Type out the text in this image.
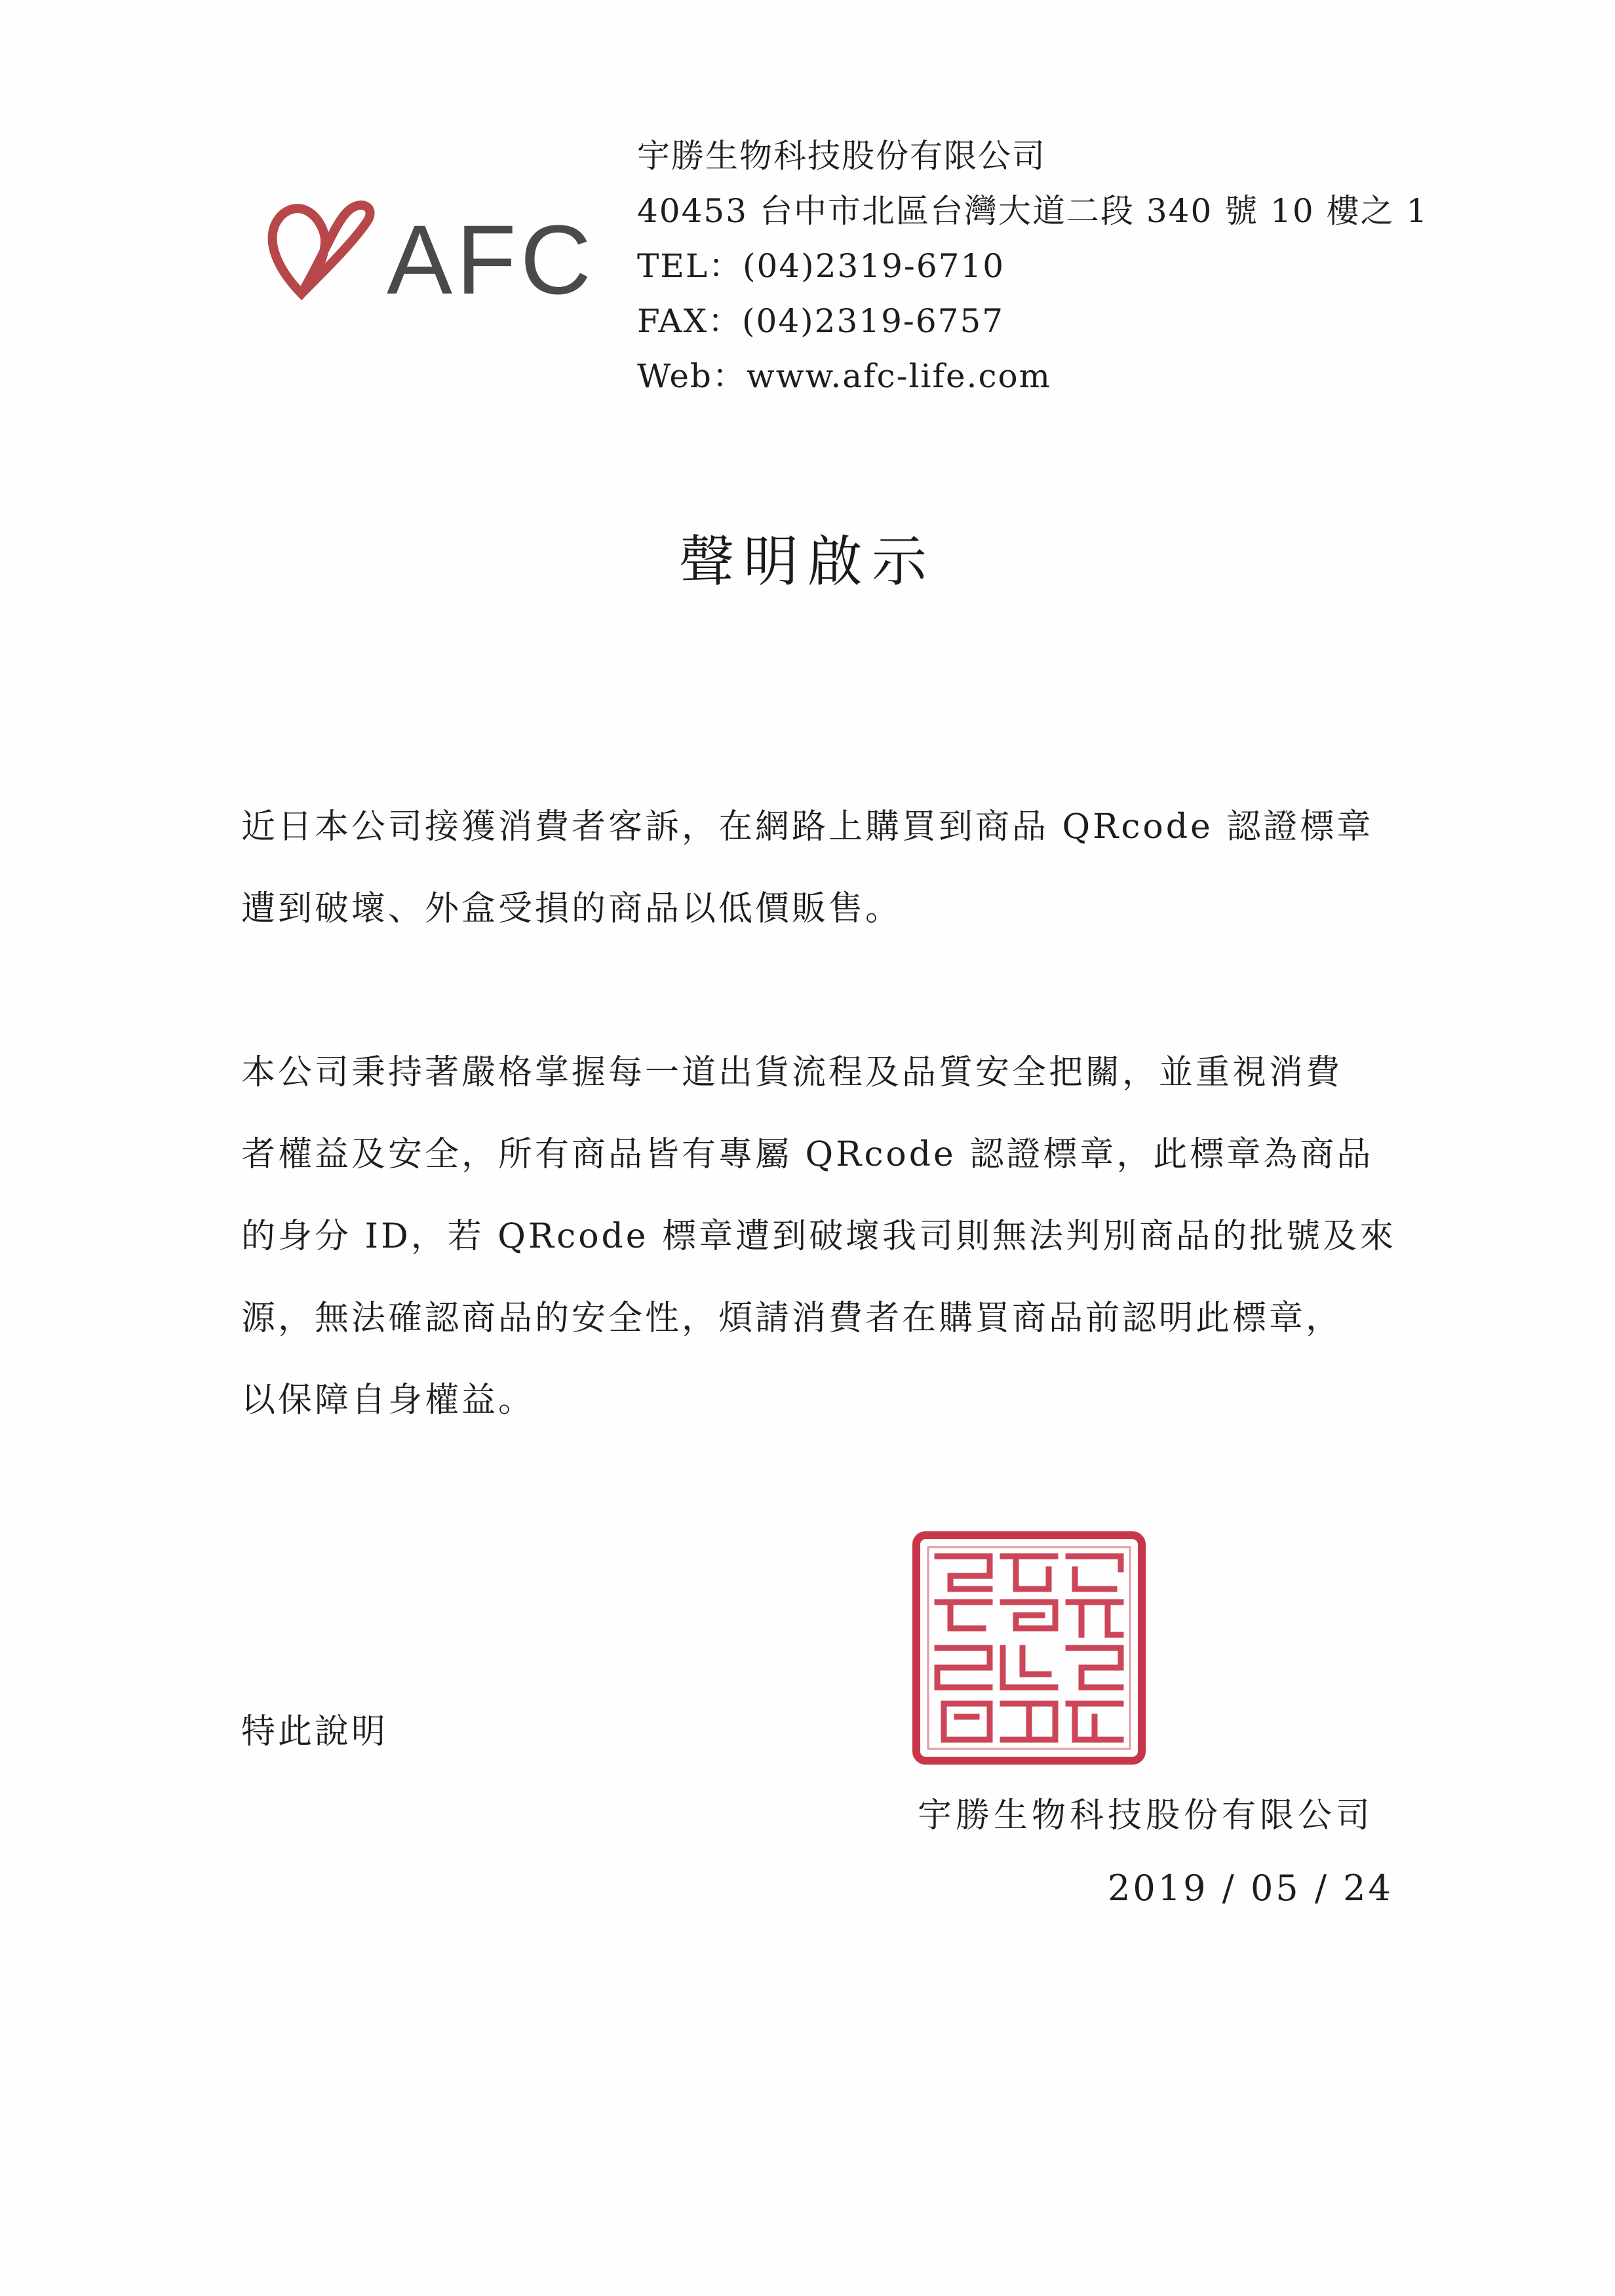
AFC
宇勝生物科技股份有限公司
40453 台中市北區台灣大道二段 340 號 10 樓之 1
TEL：(04)2319-6710
FAX：(04)2319-6757
Web：www.afc-life.com
聲明啟示
近日本公司接獲消費者客訴，在網路上購買到商品 QRcode 認證標章
遭到破壞、外盒受損的商品以低價販售。
本公司秉持著嚴格掌握每一道出貨流程及品質安全把關，並重視消費
者權益及安全，所有商品皆有專屬 QRcode 認證標章，此標章為商品
的身分 ID，若 QRcode 標章遭到破壞我司則無法判別商品的批號及來
源，無法確認商品的安全性，煩請消費者在購買商品前認明此標章，
以保障自身權益。
特此說明
宇勝生物科技股份有限公司
2019 / 05 / 24
